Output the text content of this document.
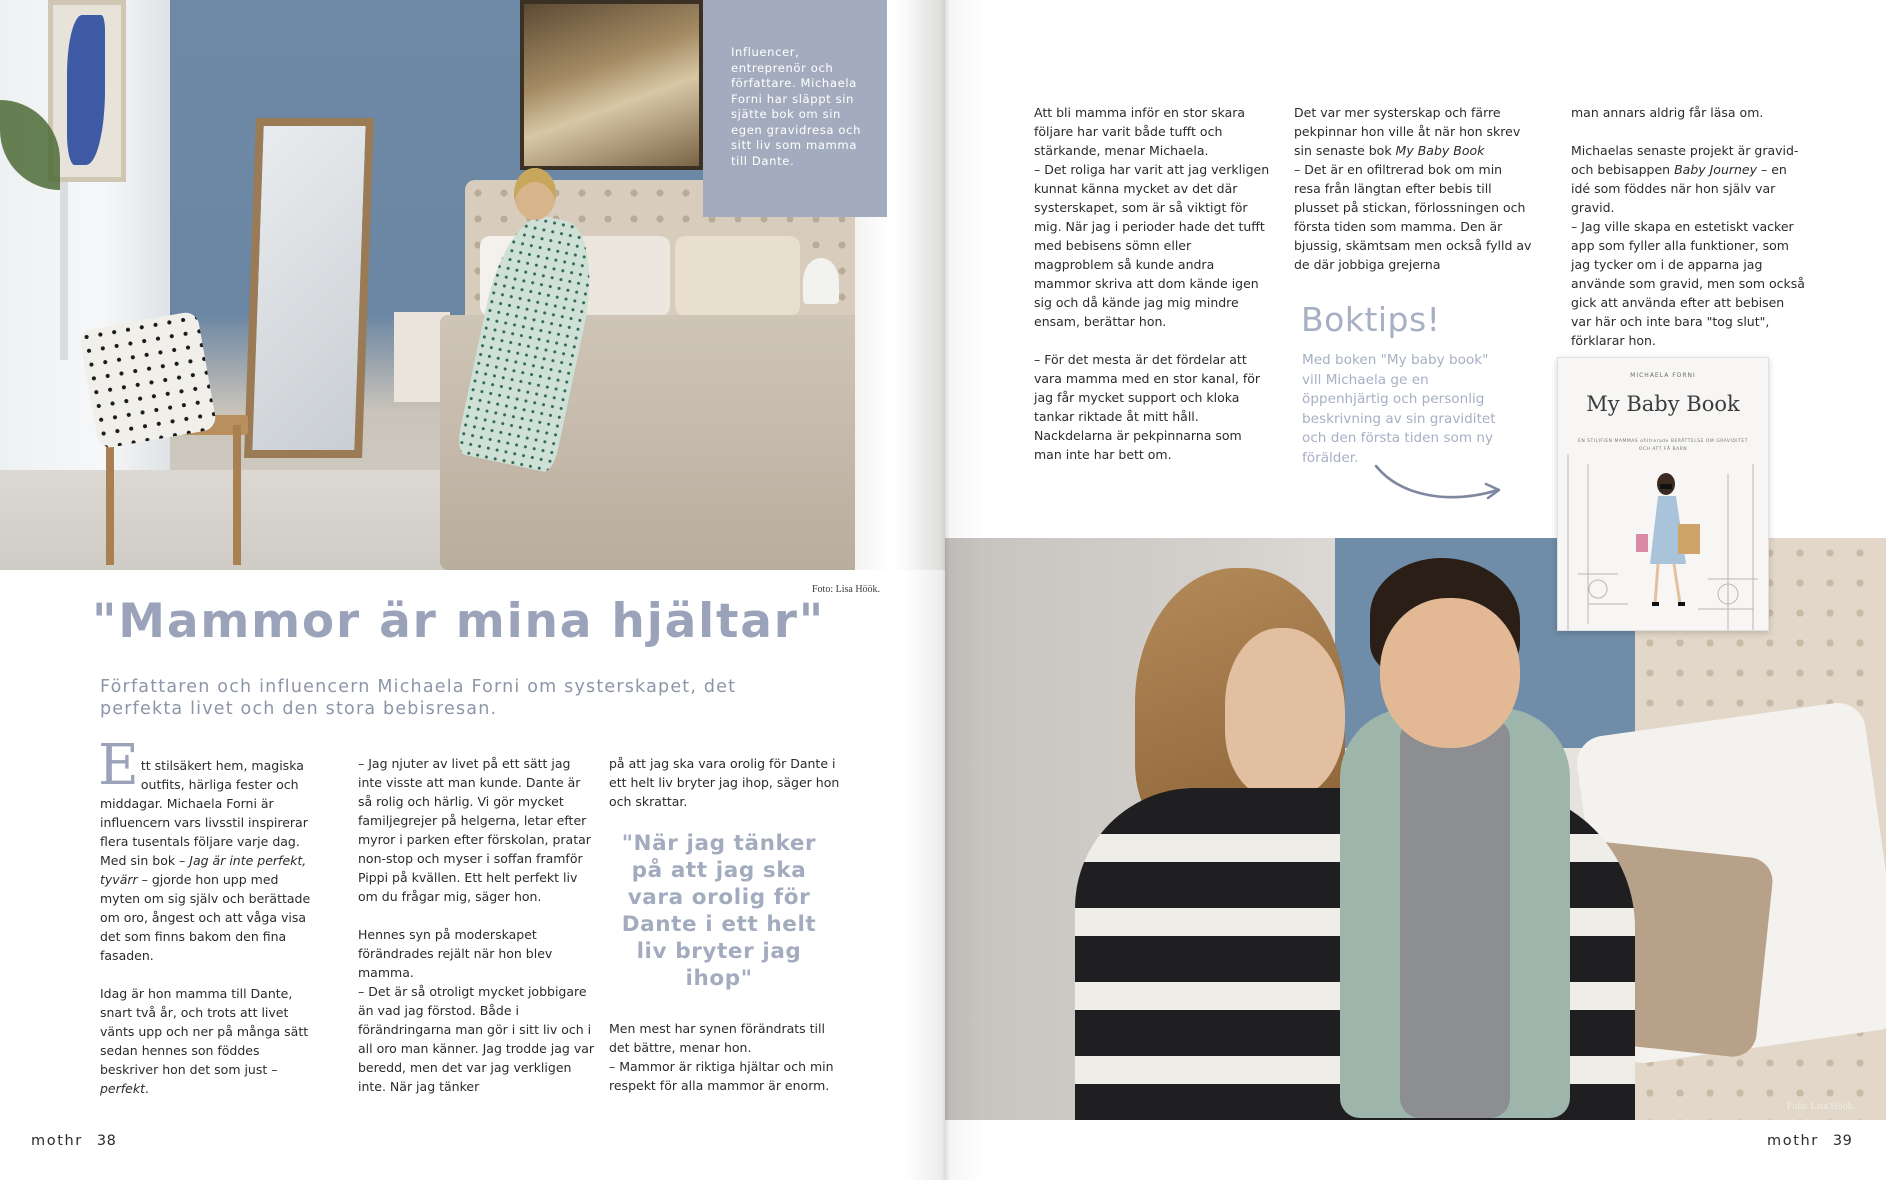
Influencer, entreprenör och författare. Michaela Forni har släppt sin sjätte bok om sin egen gravidresa och sitt liv som mamma till Dante.

Foto: Lisa Höök.
"Mammor är mina hjältar"

Författaren och influencern Michaela Forni om systerskapet, det perfekta livet och den stora bebisresan.

Ett stilsäkert hem, magiska outfits, härliga fester och middagar. Michaela Forni är influencern vars livsstil inspirerar flera tusentals följare varje dag. Med sin bok – Jag är inte perfekt, tyvärr – gjorde hon upp med myten om sig själv och berättade om oro, ångest och att våga visa det som finns bakom den fina fasaden.

Idag är hon mamma till Dante, snart två år, och trots att livet vänts upp och ner på många sätt sedan hennes son föddes beskriver hon det som just – perfekt.

– Jag njuter av livet på ett sätt jag inte visste att man kunde. Dante är så rolig och härlig. Vi gör mycket familjegrejer på helgerna, letar efter myror i parken efter förskolan, pratar non-stop och myser i soffan framför Pippi på kvällen. Ett helt perfekt liv om du frågar mig, säger hon.

Hennes syn på moderskapet förändrades rejält när hon blev mamma.

– Det är så otroligt mycket jobbigare än vad jag förstod. Både i förändringarna man gör i sitt liv och i all oro man känner. Jag trodde jag var beredd, men det var jag verkligen inte. När jag tänker

på att jag ska vara orolig för Dante i ett helt liv bryter jag ihop, säger hon och skrattar.

"När jag tänker på att jag ska vara orolig för Dante i ett helt liv bryter jag ihop"

Men mest har synen förändrats till det bättre, menar hon.

– Mammor är riktiga hjältar och min respekt för alla mammor är enorm.

mothr 38

Att bli mamma inför en stor skara följare har varit både tufft och stärkande, menar Michaela.

– Det roliga har varit att jag verkligen kunnat känna mycket av det där systerskapet, som är så viktigt för mig. När jag i perioder hade det tufft med bebisens sömn eller magproblem så kunde andra mammor skriva att dom kände igen sig och då kände jag mig mindre ensam, berättar hon.

– För det mesta är det fördelar att vara mamma med en stor kanal, för jag får mycket support och kloka tankar riktade åt mitt håll. Nackdelarna är pekpinnarna som man inte har bett om.

Det var mer systerskap och färre pekpinnar hon ville åt när hon skrev sin senaste bok My Baby Book

– Det är en ofiltrerad bok om min resa från längtan efter bebis till plusset på stickan, förlossningen och första tiden som mamma. Den är bjussig, skämtsam men också fylld av de där jobbiga grejerna

man annars aldrig får läsa om.

Michaelas senaste projekt är gravid- och bebisappen Baby Journey – en idé som föddes när hon själv var gravid.

– Jag ville skapa en estetiskt vacker app som fyller alla funktioner, som jag tycker om i de apparna jag använde som gravid, men som också gick att använda efter att bebisen var här och inte bara "tog slut", förklarar hon.

Boktips!

Med boken "My baby book" vill Michaela ge en öppenhjärtig och personlig beskrivning av sin graviditet och den första tiden som ny förälder.

MICHAELA FORNI
My Baby Book
EN STILIFIEN MAMMAS ofiltrerade BERÄTTELSE OM GRAVIDITET OCH ATT FÅ BARN
Foto: Lisa Höök.
mothr 39
